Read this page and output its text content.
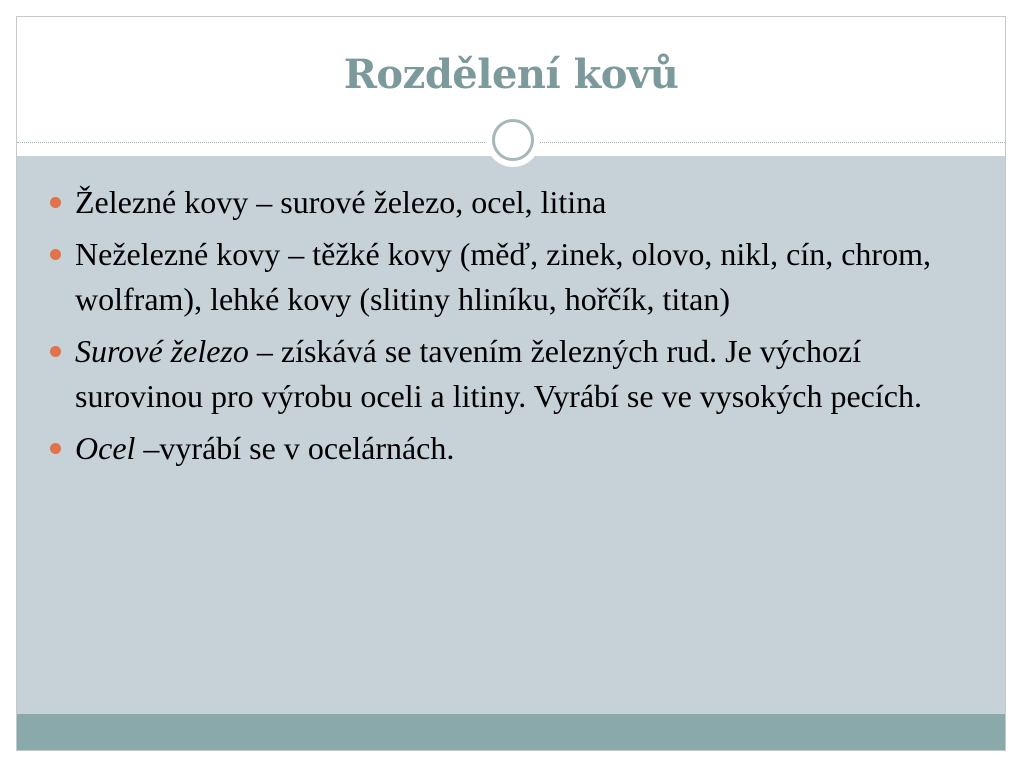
Rozdělení kovů
Železné kovy – surové železo, ocel, litina
Neželezné kovy – těžké kovy (měď, zinek, olovo, nikl, cín, chrom, wolfram), lehké kovy (slitiny hliníku, hořčík, titan)
Surové železo – získává se tavením železných rud. Je výchozí surovinou pro výrobu oceli a litiny. Vyrábí se ve vysokých pecích.
Ocel –vyrábí se v ocelárnách.
